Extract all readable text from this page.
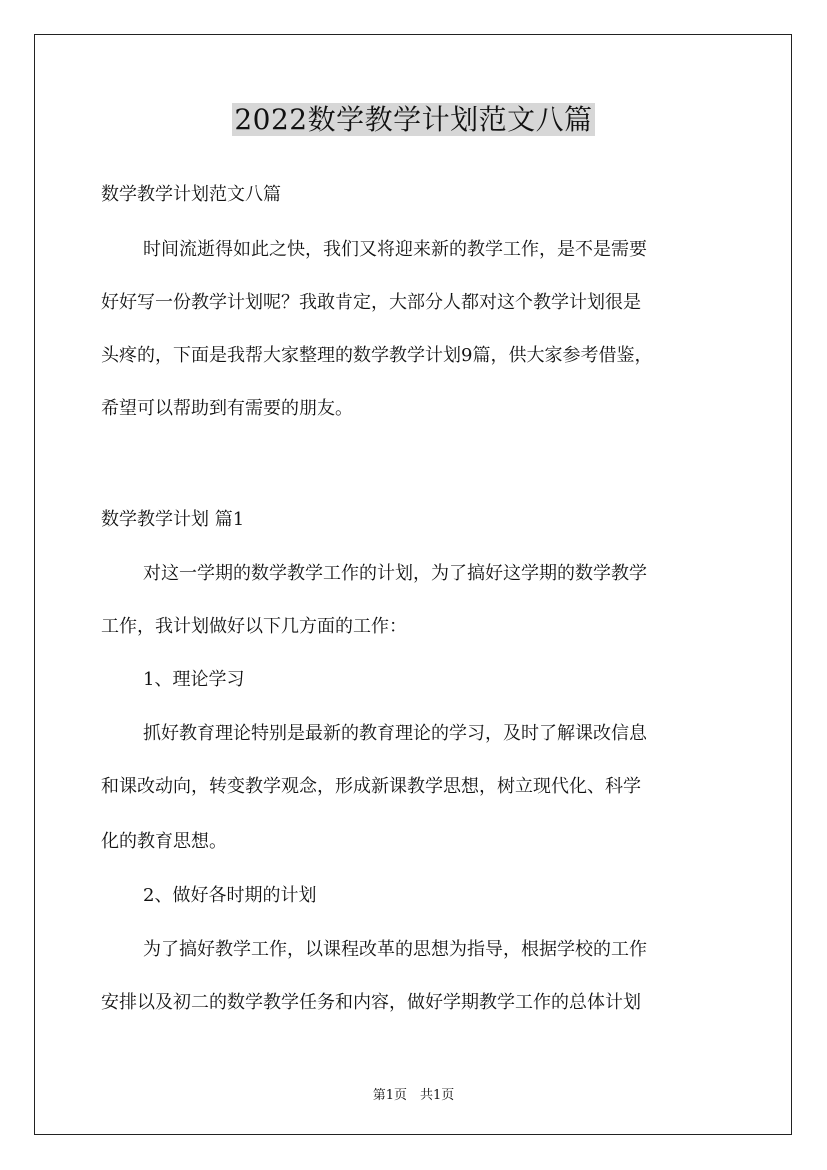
2022数学教学计划范文八篇
数学教学计划范文八篇
时间流逝得如此之快，我们又将迎来新的教学工作，是不是需要
好好写一份教学计划呢？我敢肯定，大部分人都对这个教学计划很是
头疼的，下面是我帮大家整理的数学教学计划9篇，供大家参考借鉴，
希望可以帮助到有需要的朋友。
数学教学计划 篇1
对这一学期的数学教学工作的计划，为了搞好这学期的数学教学
工作，我计划做好以下几方面的工作：
1、理论学习
抓好教育理论特别是最新的教育理论的学习，及时了解课改信息
和课改动向，转变教学观念，形成新课教学思想，树立现代化、科学
化的教育思想。
2、做好各时期的计划
为了搞好教学工作，以课程改革的思想为指导，根据学校的工作
安排以及初二的数学教学任务和内容，做好学期教学工作的总体计划
第1页　共1页
